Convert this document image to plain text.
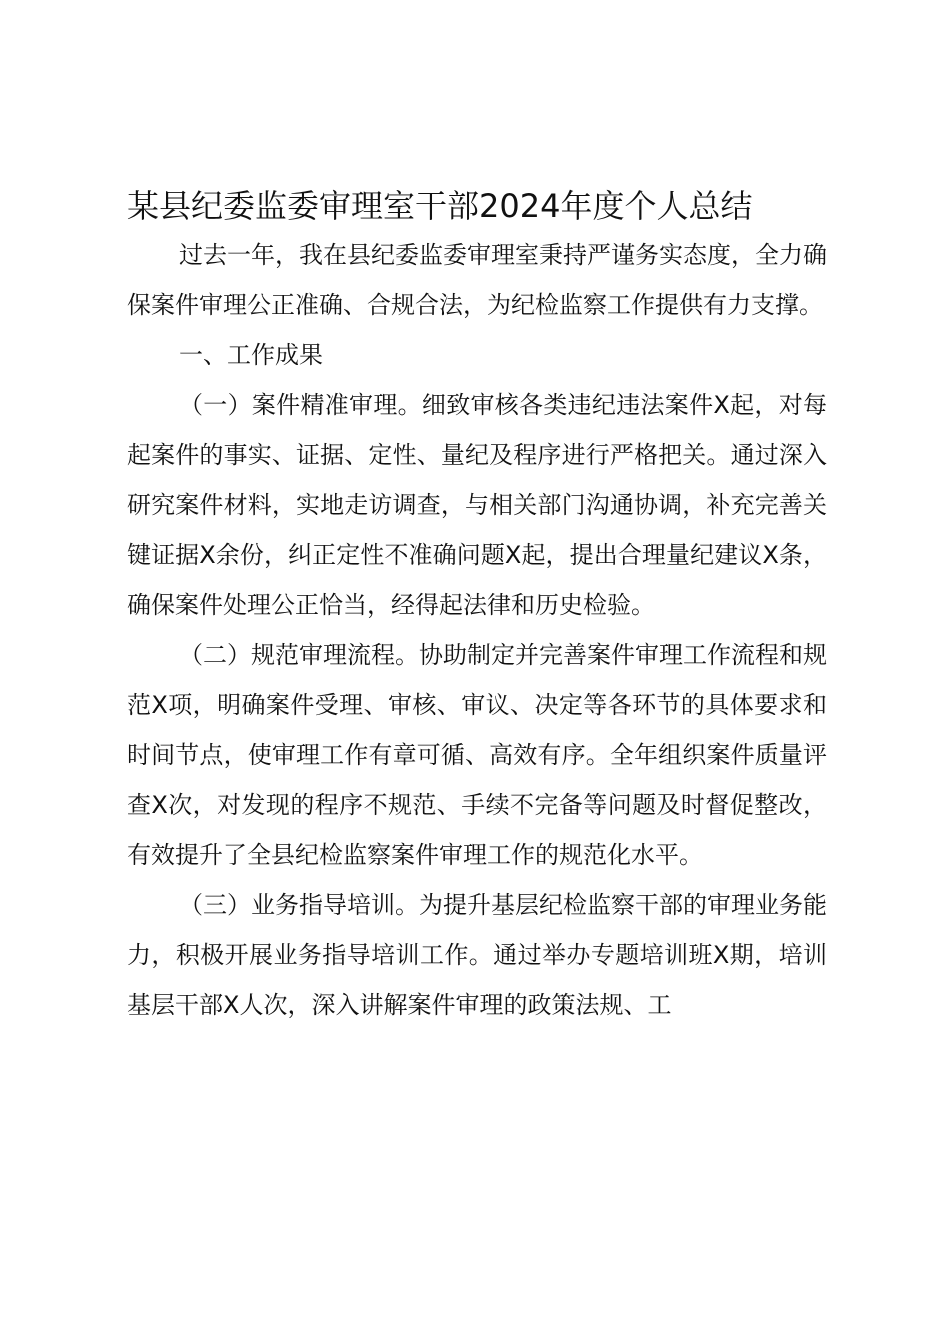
某县纪委监委审理室干部2024年度个人总结

过去一年，我在县纪委监委审理室秉持严谨务实态度，全力确保案件审理公正准确、合规合法，为纪检监察工作提供有力支撑。

一、工作成果

（一）案件精准审理。细致审核各类违纪违法案件X起，对每起案件的事实、证据、定性、量纪及程序进行严格把关。通过深入研究案件材料，实地走访调查，与相关部门沟通协调，补充完善关键证据X余份，纠正定性不准确问题X起，提出合理量纪建议X条，确保案件处理公正恰当，经得起法律和历史检验。

（二）规范审理流程。协助制定并完善案件审理工作流程和规范X项，明确案件受理、审核、审议、决定等各环节的具体要求和时间节点，使审理工作有章可循、高效有序。全年组织案件质量评查X次，对发现的程序不规范、手续不完备等问题及时督促整改，有效提升了全县纪检监察案件审理工作的规范化水平。

（三）业务指导培训。为提升基层纪检监察干部的审理业务能力，积极开展业务指导培训工作。通过举办专题培训班X期，培训基层干部X人次，深入讲解案件审理的政策法规、工
